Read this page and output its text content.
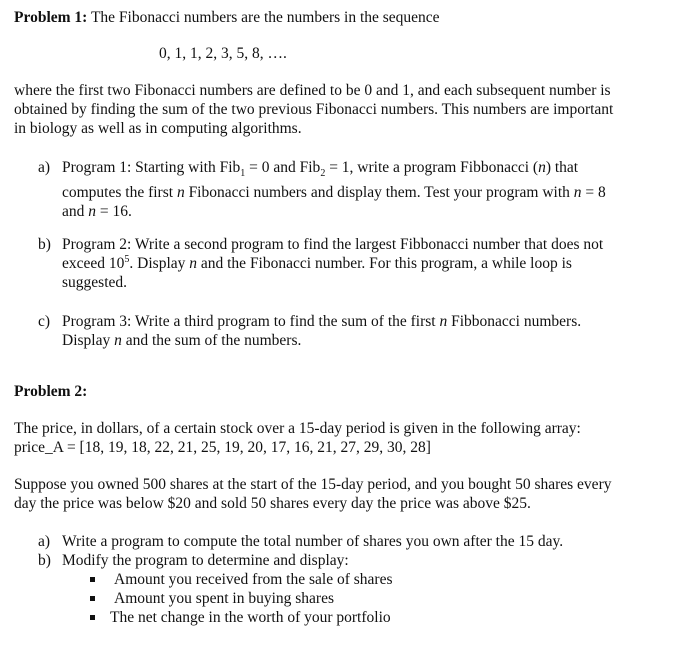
Problem 1: The Fibonacci numbers are the numbers in the sequence
0, 1, 1, 2, 3, 5, 8, ….
where the first two Fibonacci numbers are defined to be 0 and 1, and each subsequent number is
obtained by finding the sum of the two previous Fibonacci numbers. This numbers are important
in biology as well as in computing algorithms.
a) Program 1: Starting with Fib$_1$ = 0 and Fib$_2$ = 1, write a program Fibbonacci (n) that
computes the first n Fibonacci numbers and display them. Test your program with n = 8
and n = 16.
b) Program 2: Write a second program to find the largest Fibbonacci number that does not
exceed $10^5$. Display n and the Fibonacci number. For this program, a while loop is
suggested.
c) Program 3: Write a third program to find the sum of the first n Fibbonacci numbers.
Display n and the sum of the numbers.
Problem 2:
The price, in dollars, of a certain stock over a 15-day period is given in the following array:
price_A = [18, 19, 18, 22, 21, 25, 19, 20, 17, 16, 21, 27, 29, 30, 28]
Suppose you owned 500 shares at the start of the 15-day period, and you bought 50 shares every
day the price was below $20 and sold 50 shares every day the price was above $25.
a) Write a program to compute the total number of shares you own after the 15 day.
b) Modify the program to determine and display:
Amount you received from the sale of shares
Amount you spent in buying shares
The net change in the worth of your portfolio
